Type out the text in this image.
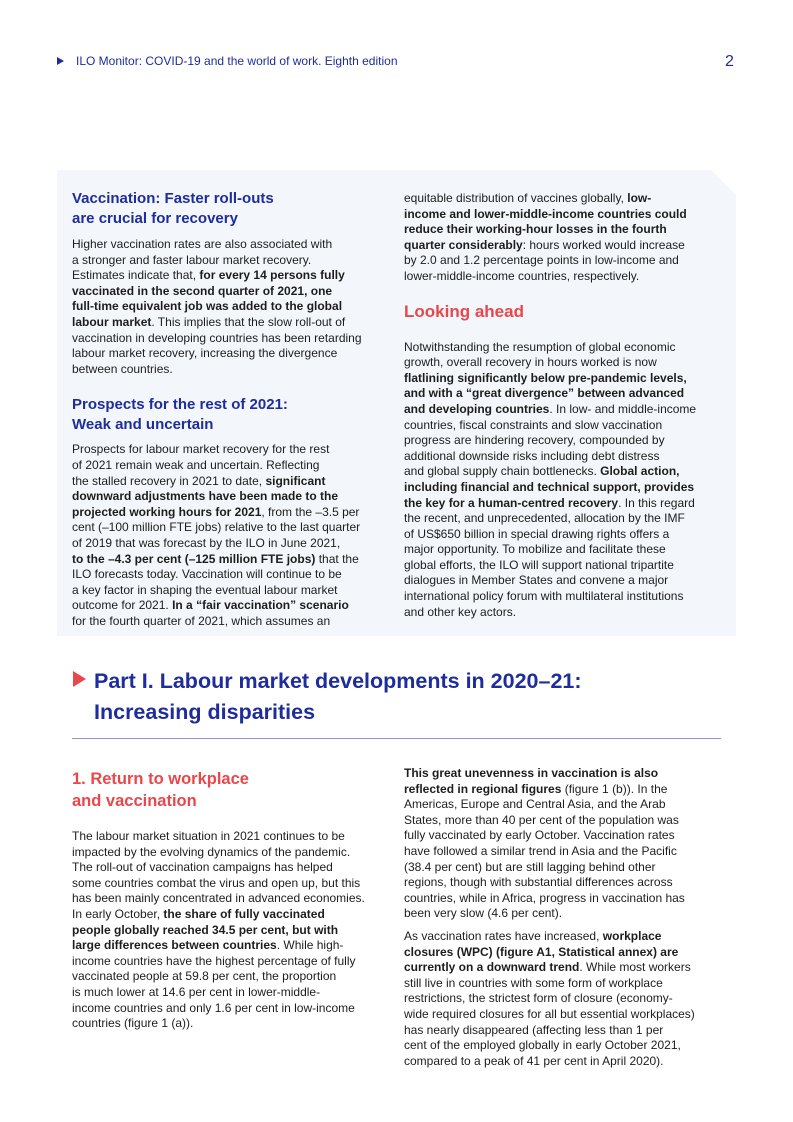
ILO Monitor: COVID-19 and the world of work. Eighth edition	2
Vaccination: Faster roll-outs
are crucial for recovery

Higher vaccination rates are also associated with
a stronger and faster labour market recovery.
Estimates indicate that, for every 14 persons fully
vaccinated in the second quarter of 2021, one
full-time equivalent job was added to the global
labour market. This implies that the slow roll-out of
vaccination in developing countries has been retarding
labour market recovery, increasing the divergence
between countries.

Prospects for the rest of 2021:
Weak and uncertain

Prospects for labour market recovery for the rest
of 2021 remain weak and uncertain. Reflecting
the stalled recovery in 2021 to date, significant
downward adjustments have been made to the
projected working hours for 2021, from the –3.5 per
cent (–100 million FTE jobs) relative to the last quarter
of 2019 that was forecast by the ILO in June 2021,
to the –4.3 per cent (–125 million FTE jobs) that the
ILO forecasts today. Vaccination will continue to be
a key factor in shaping the eventual labour market
outcome for 2021. In a “fair vaccination” scenario
for the fourth quarter of 2021, which assumes an

equitable distribution of vaccines globally, low-
income and lower-middle-income countries could
reduce their working-hour losses in the fourth
quarter considerably: hours worked would increase
by 2.0 and 1.2 percentage points in low-income and
lower-middle-income countries, respectively.

Looking ahead

Notwithstanding the resumption of global economic
growth, overall recovery in hours worked is now
flatlining significantly below pre-pandemic levels,
and with a “great divergence” between advanced
and developing countries. In low- and middle-income
countries, fiscal constraints and slow vaccination
progress are hindering recovery, compounded by
additional downside risks including debt distress
and global supply chain bottlenecks. Global action,
including financial and technical support, provides
the key for a human-centred recovery. In this regard
the recent, and unprecedented, allocation by the IMF
of US$650 billion in special drawing rights offers a
major opportunity. To mobilize and facilitate these
global efforts, the ILO will support national tripartite
dialogues in Member States and convene a major
international policy forum with multilateral institutions
and other key actors.

Part I. Labour market developments in 2020–21:
Increasing disparities
1. Return to workplace
and vaccination

The labour market situation in 2021 continues to be
impacted by the evolving dynamics of the pandemic.
The roll-out of vaccination campaigns has helped
some countries combat the virus and open up, but this
has been mainly concentrated in advanced economies.
In early October, the share of fully vaccinated
people globally reached 34.5 per cent, but with
large differences between countries. While high-
income countries have the highest percentage of fully
vaccinated people at 59.8 per cent, the proportion
is much lower at 14.6 per cent in lower-middle-
income countries and only 1.6 per cent in low-income
countries (figure 1 (a)).

This great unevenness in vaccination is also
reflected in regional figures (figure 1 (b)). In the
Americas, Europe and Central Asia, and the Arab
States, more than 40 per cent of the population was
fully vaccinated by early October. Vaccination rates
have followed a similar trend in Asia and the Pacific
(38.4 per cent) but are still lagging behind other
regions, though with substantial differences across
countries, while in Africa, progress in vaccination has
been very slow (4.6 per cent).

As vaccination rates have increased, workplace
closures (WPC) (figure A1, Statistical annex) are
currently on a downward trend. While most workers
still live in countries with some form of workplace
restrictions, the strictest form of closure (economy-
wide required closures for all but essential workplaces)
has nearly disappeared (affecting less than 1 per
cent of the employed globally in early October 2021,
compared to a peak of 41 per cent in April 2020).
